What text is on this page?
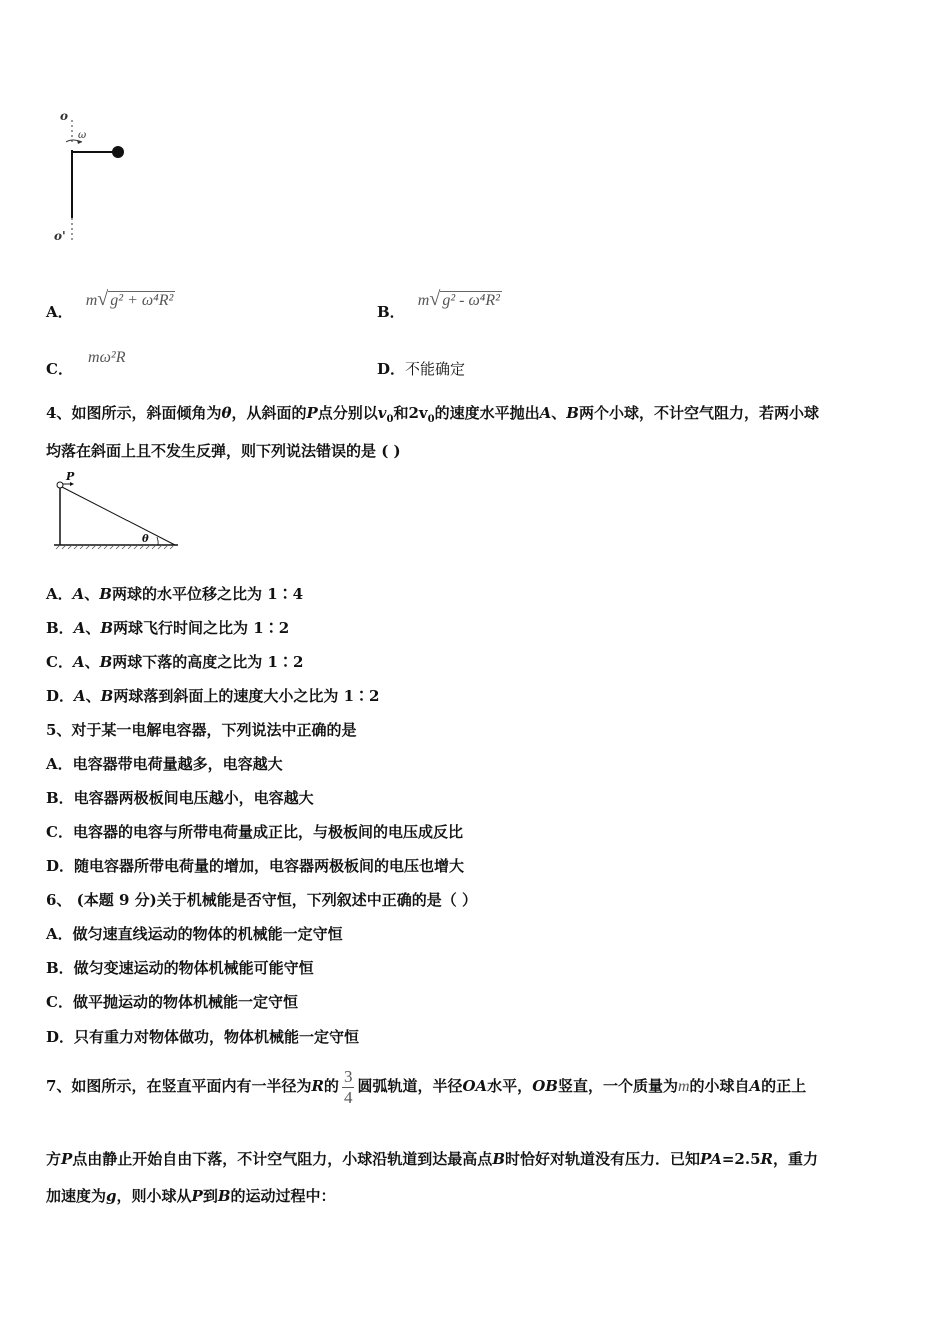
o
ω
o'
A． m√ g² + ω⁴R²
B． m√ g² - ω⁴R²
C． mω²R
D．不能确定
4、如图所示，斜面倾角为θ，从斜面的P点分别以$v_0$和$2v_0$的速度水平抛出A、B两个小球，不计空气阻力，若两小球
均落在斜面上且不发生反弹，则下列说法错误的是 ( )
P
θ
A．A、B两球的水平位移之比为 1∶4
B．A、B两球飞行时间之比为 1∶2
C．A、B两球下落的高度之比为 1∶2
D．A、B两球落到斜面上的速度大小之比为 1∶2
5、对于某一电解电容器，下列说法中正确的是
A．电容器带电荷量越多，电容越大
B．电容器两极板间电压越小，电容越大
C．电容器的电容与所带电荷量成正比，与极板间的电压成反比
D．随电容器所带电荷量的增加，电容器两极板间的电压也增大
6、 (本题 9 分)关于机械能是否守恒，下列叙述中正确的是（ ）
A．做匀速直线运动的物体的机械能一定守恒
B．做匀变速运动的物体机械能可能守恒
C．做平抛运动的物体机械能一定守恒
D．只有重力对物体做功，物体机械能一定守恒
7、如图所示，在竖直平面内有一半径为R的 $\frac{3}{4}$ 圆弧轨道，半径OA水平，OB竖直，一个质量为m的小球自A的正上
方P点由静止开始自由下落，不计空气阻力，小球沿轨道到达最高点B时恰好对轨道没有压力．已知PA=2.5R，重力
加速度为g，则小球从P到B的运动过程中：
